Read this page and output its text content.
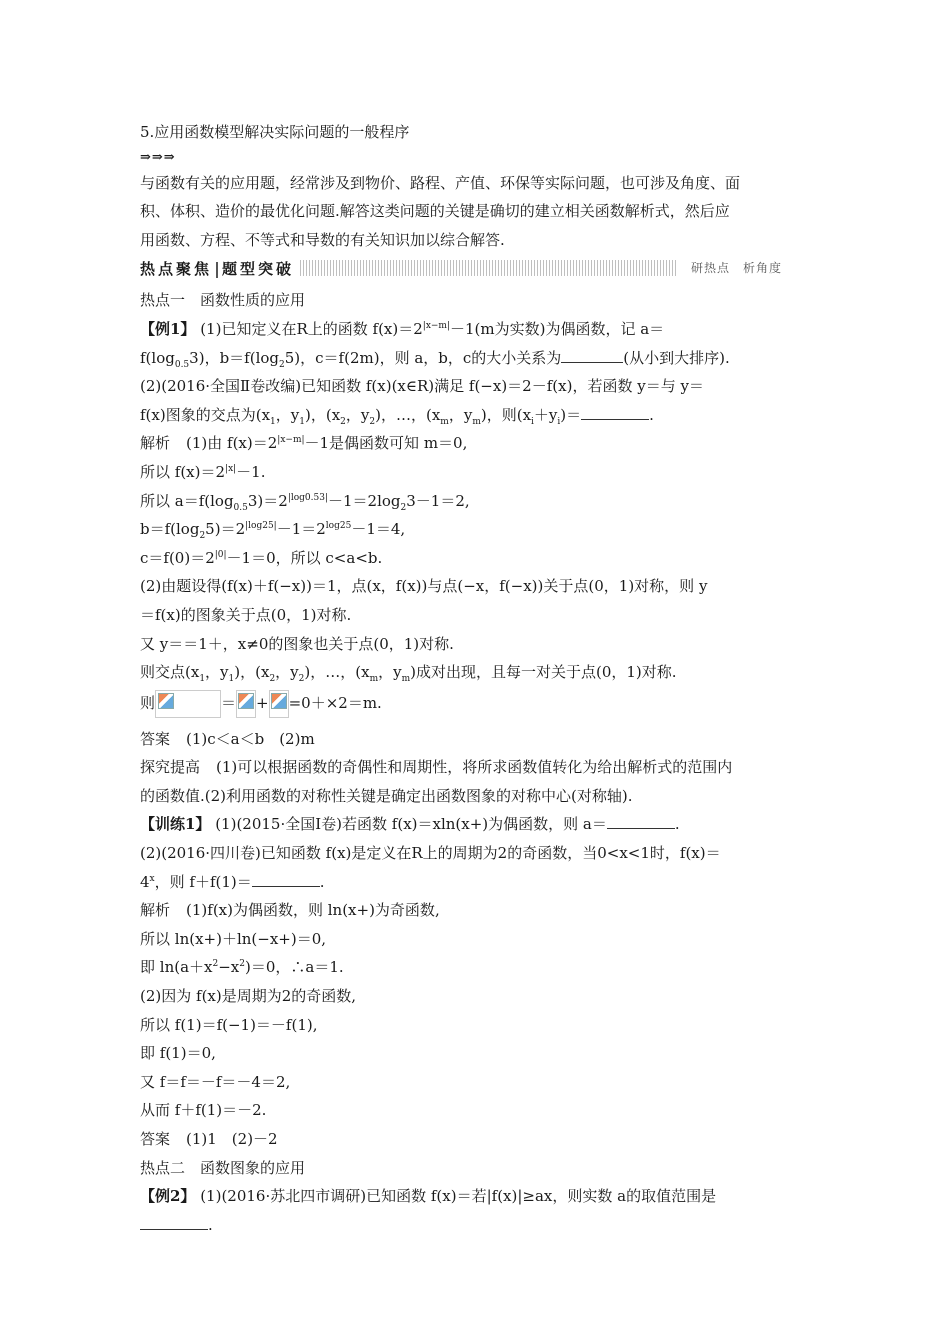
5.应用函数模型解决实际问题的一般程序
⇒⇒⇒
与函数有关的应用题，经常涉及到物价、路程、产值、环保等实际问题，也可涉及角度、面
积、体积、造价的最优化问题.解答这类问题的关键是确切的建立相关函数解析式，然后应
用函数、方程、不等式和导数的有关知识加以综合解答.
热点聚焦 题型突破	研热点　 析角度
热点一　函数性质的应用
【例1】 (1)已知定义在R上的函数 $f(x)=2^{|x-m|}-1(m$为实数)为偶函数，记 a＝
$f(\log_{0.5}3)$，$b=f(\log_25)$，c＝f(2m)，则 a，b，c的大小关系为	(从小到大排序).
(2)(2016·全国Ⅱ卷改编)已知函数 f(x)(x∈R)满足 f(−x)＝2－f(x)，若函数 y＝与 y＝
f(x)图象的交点为($x_1$，$y_1$)，($x_2$，$y_2$)，…，($x_m$，$y_m$)，则$(x_i+y_i)=$	.
解析 (1)由 $f(x)=2^{|x-m|}-1$是偶函数可知 m＝0,
所以 $f(x)=2^{|x|}-1$.
所以 $a=f(\log_{0.5}3)=2^{|log0.53|}-1=2\log_23-1=2$,
$b=f(\log_25)=2^{|log25|}-1=2^{log25}-1=4$,
$c=f(0)=2^{|0|}-1=0$，所以 c<a<b.
(2)由题设得(f(x)＋f(−x))＝1，点(x，f(x))与点(−x，f(−x))关于点(0，1)对称，则 y
＝f(x)的图象关于点(0，1)对称.
又 y＝＝1＋，x≠0的图象也关于点(0，1)对称.
则交点($x_1$，$y_1$)，($x_2$，$y_2$)，…，($x_m$，$y_m$)成对出现，且每一对关于点(0，1)对称.
则	＝ + =0＋×2＝m.
答案 (1)c＜a＜b　(2)m
探究提高 (1)可以根据函数的奇偶性和周期性，将所求函数值转化为给出解析式的范围内
的函数值.(2)利用函数的对称性关键是确定出函数图象的对称中心(对称轴).
【训练1】 (1)(2015·全国Ⅰ卷)若函数 f(x)＝xln(x+)为偶函数，则 a＝	.
(2)(2016·四川卷)已知函数 f(x)是定义在R上的周期为2的奇函数，当0<x<1时，f(x)＝
$4^x$，则 f＋f(1)＝	.
解析 (1)f(x)为偶函数，则 ln(x+)为奇函数,
所以 ln(x+)＋ln(−x+)＝0,
即 $\ln(a+x^2-x^2)=0$，∴a＝1.
(2)因为 f(x)是周期为2的奇函数,
所以 f(1)＝f(−1)＝－f(1),
即 f(1)＝0,
又 f＝f＝－f＝－4＝2,
从而 f＋f(1)＝－2.
答案 (1)1　(2)－2
热点二　函数图象的应用
【例2】 (1)(2016·苏北四市调研)已知函数 f(x)＝若|f(x)|≥ax，则实数 a的取值范围是
.
